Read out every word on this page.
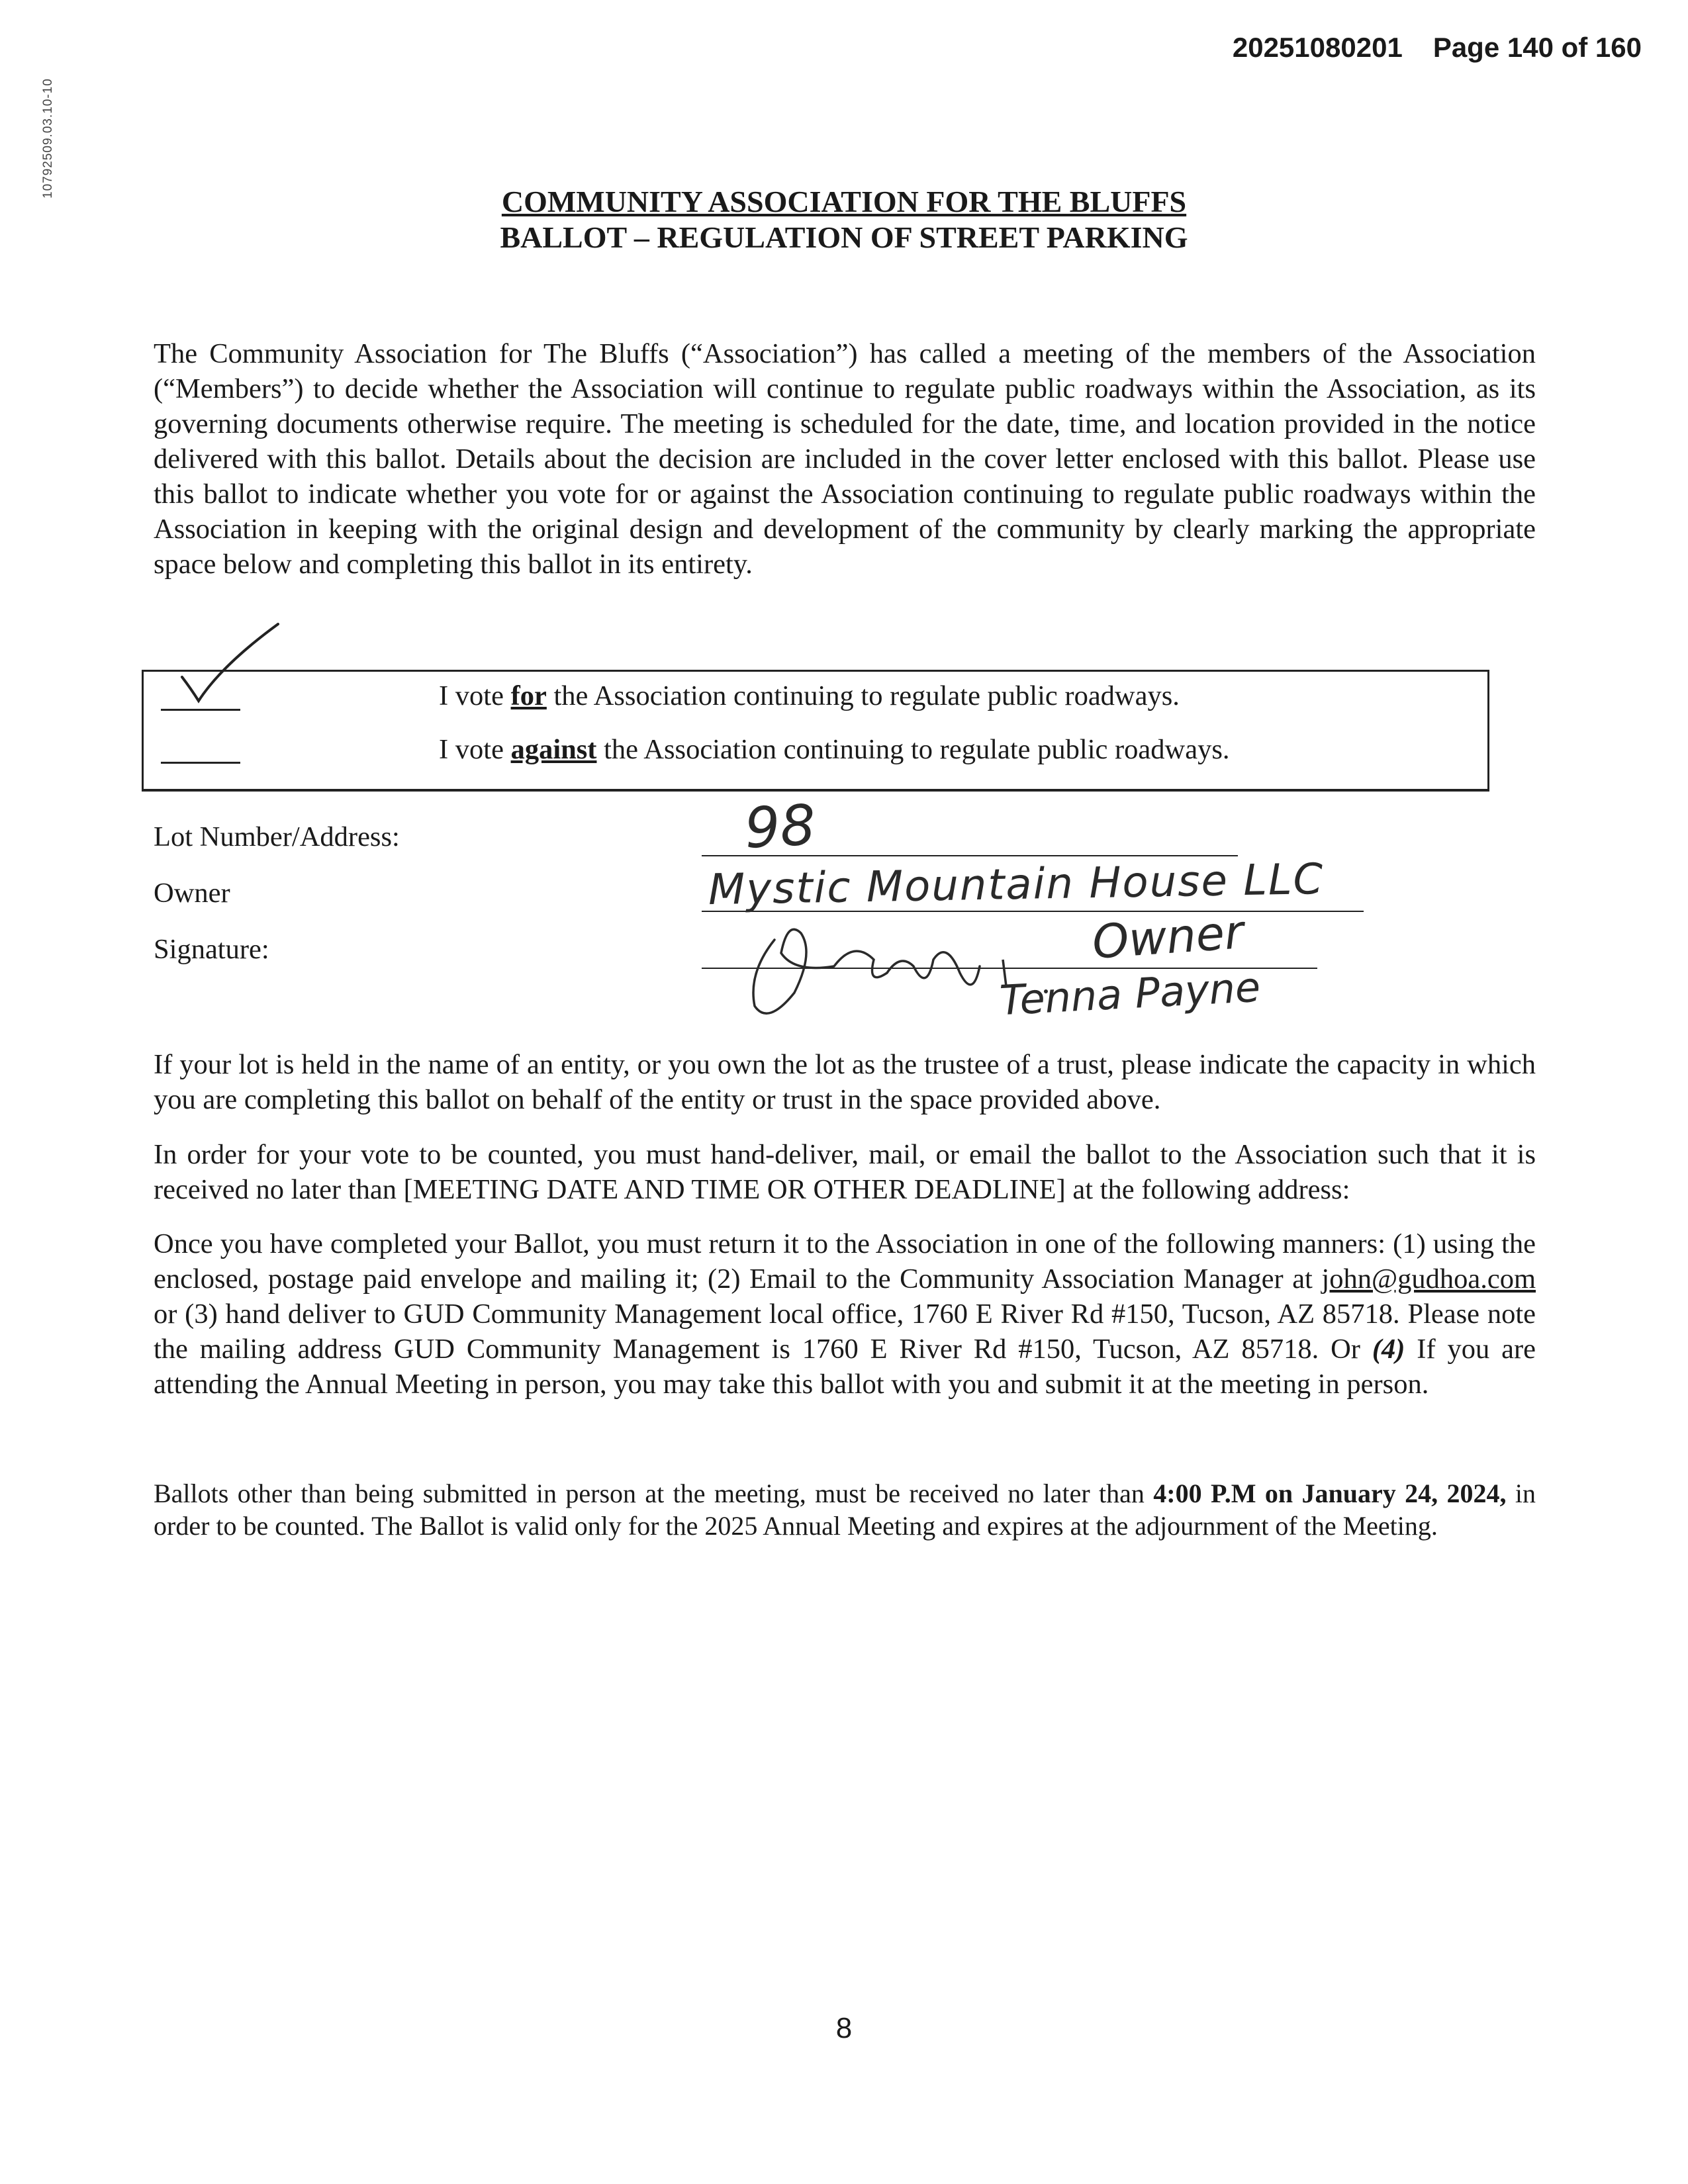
10792509.03.10-10
20251080201 Page 140 of 160
COMMUNITY ASSOCIATION FOR THE BLUFFS
BALLOT – REGULATION OF STREET PARKING
The Community Association for The Bluffs (“Association”) has called a meeting of the members of the Association (“Members”) to decide whether the Association will continue to regulate public roadways within the Association, as its governing documents otherwise require. The meeting is scheduled for the date, time, and location provided in the notice delivered with this ballot. Details about the decision are included in the cover letter enclosed with this ballot. Please use this ballot to indicate whether you vote for or against the Association continuing to regulate public roadways within the Association in keeping with the original design and development of the community by clearly marking the appropriate space below and completing this ballot in its entirety.
I vote for the Association continuing to regulate public roadways.
I vote against the Association continuing to regulate public roadways.
Lot Number/Address:	98
Owner	Mystic Mountain House LLC
Signature:	Owner
Tenna Payne
If your lot is held in the name of an entity, or you own the lot as the trustee of a trust, please indicate the capacity in which you are completing this ballot on behalf of the entity or trust in the space provided above.
In order for your vote to be counted, you must hand-deliver, mail, or email the ballot to the Association such that it is received no later than [MEETING DATE AND TIME OR OTHER DEADLINE] at the following address:
Once you have completed your Ballot, you must return it to the Association in one of the following manners: (1) using the enclosed, postage paid envelope and mailing it; (2) Email to the Community Association Manager at john@gudhoa.com or (3) hand deliver to GUD Community Management local office, 1760 E River Rd #150, Tucson, AZ 85718. Please note the mailing address GUD Community Management is 1760 E River Rd #150, Tucson, AZ 85718. Or (4) If you are attending the Annual Meeting in person, you may take this ballot with you and submit it at the meeting in person.
Ballots other than being submitted in person at the meeting, must be received no later than 4:00 P.M on January 24, 2024, in order to be counted. The Ballot is valid only for the 2025 Annual Meeting and expires at the adjournment of the Meeting.
8
